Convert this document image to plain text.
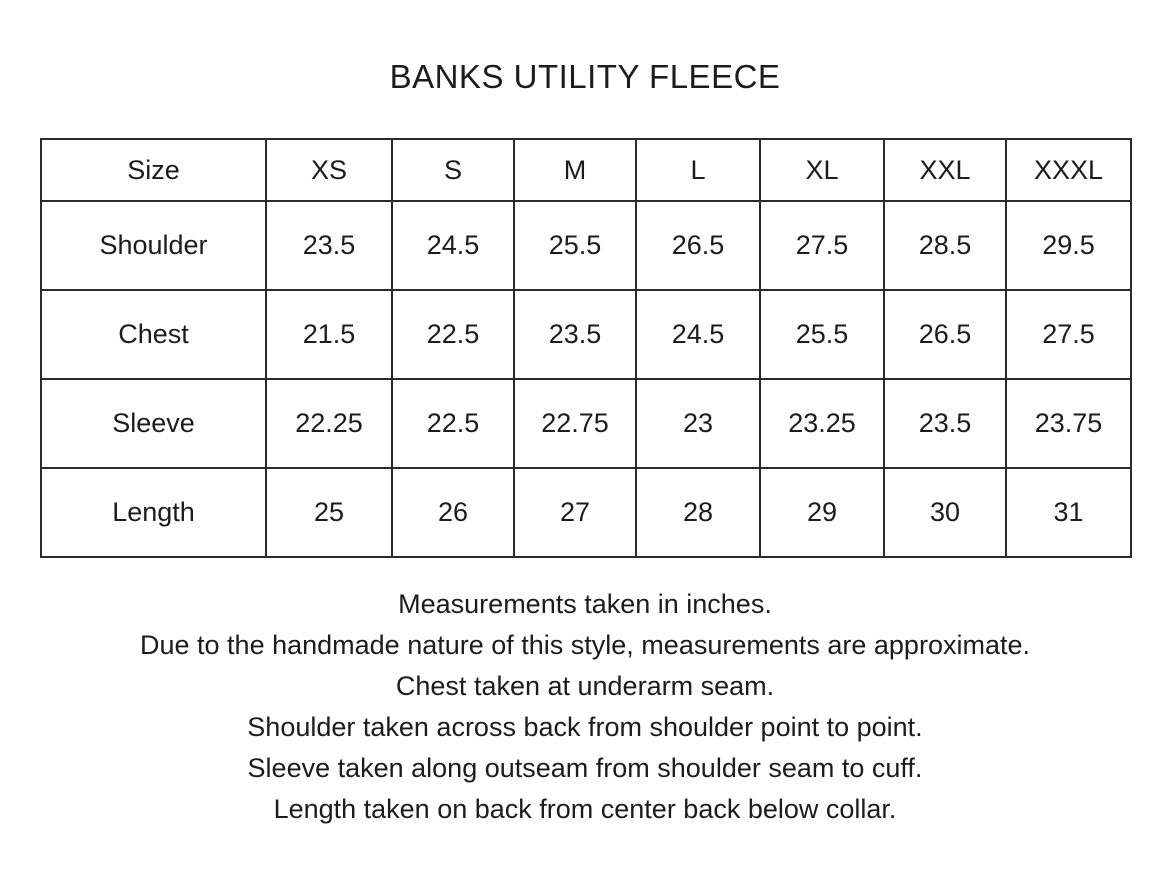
BANKS UTILITY FLEECE
Size	XS	S	M	L	XL	XXL	XXXL
Shoulder	23.5	24.5	25.5	26.5	27.5	28.5	29.5
Chest	21.5	22.5	23.5	24.5	25.5	26.5	27.5
Sleeve	22.25	22.5	22.75	23	23.25	23.5	23.75
Length	25	26	27	28	29	30	31
Measurements taken in inches.
Due to the handmade nature of this style, measurements are approximate.
Chest taken at underarm seam.
Shoulder taken across back from shoulder point to point.
Sleeve taken along outseam from shoulder seam to cuff.
Length taken on back from center back below collar.
